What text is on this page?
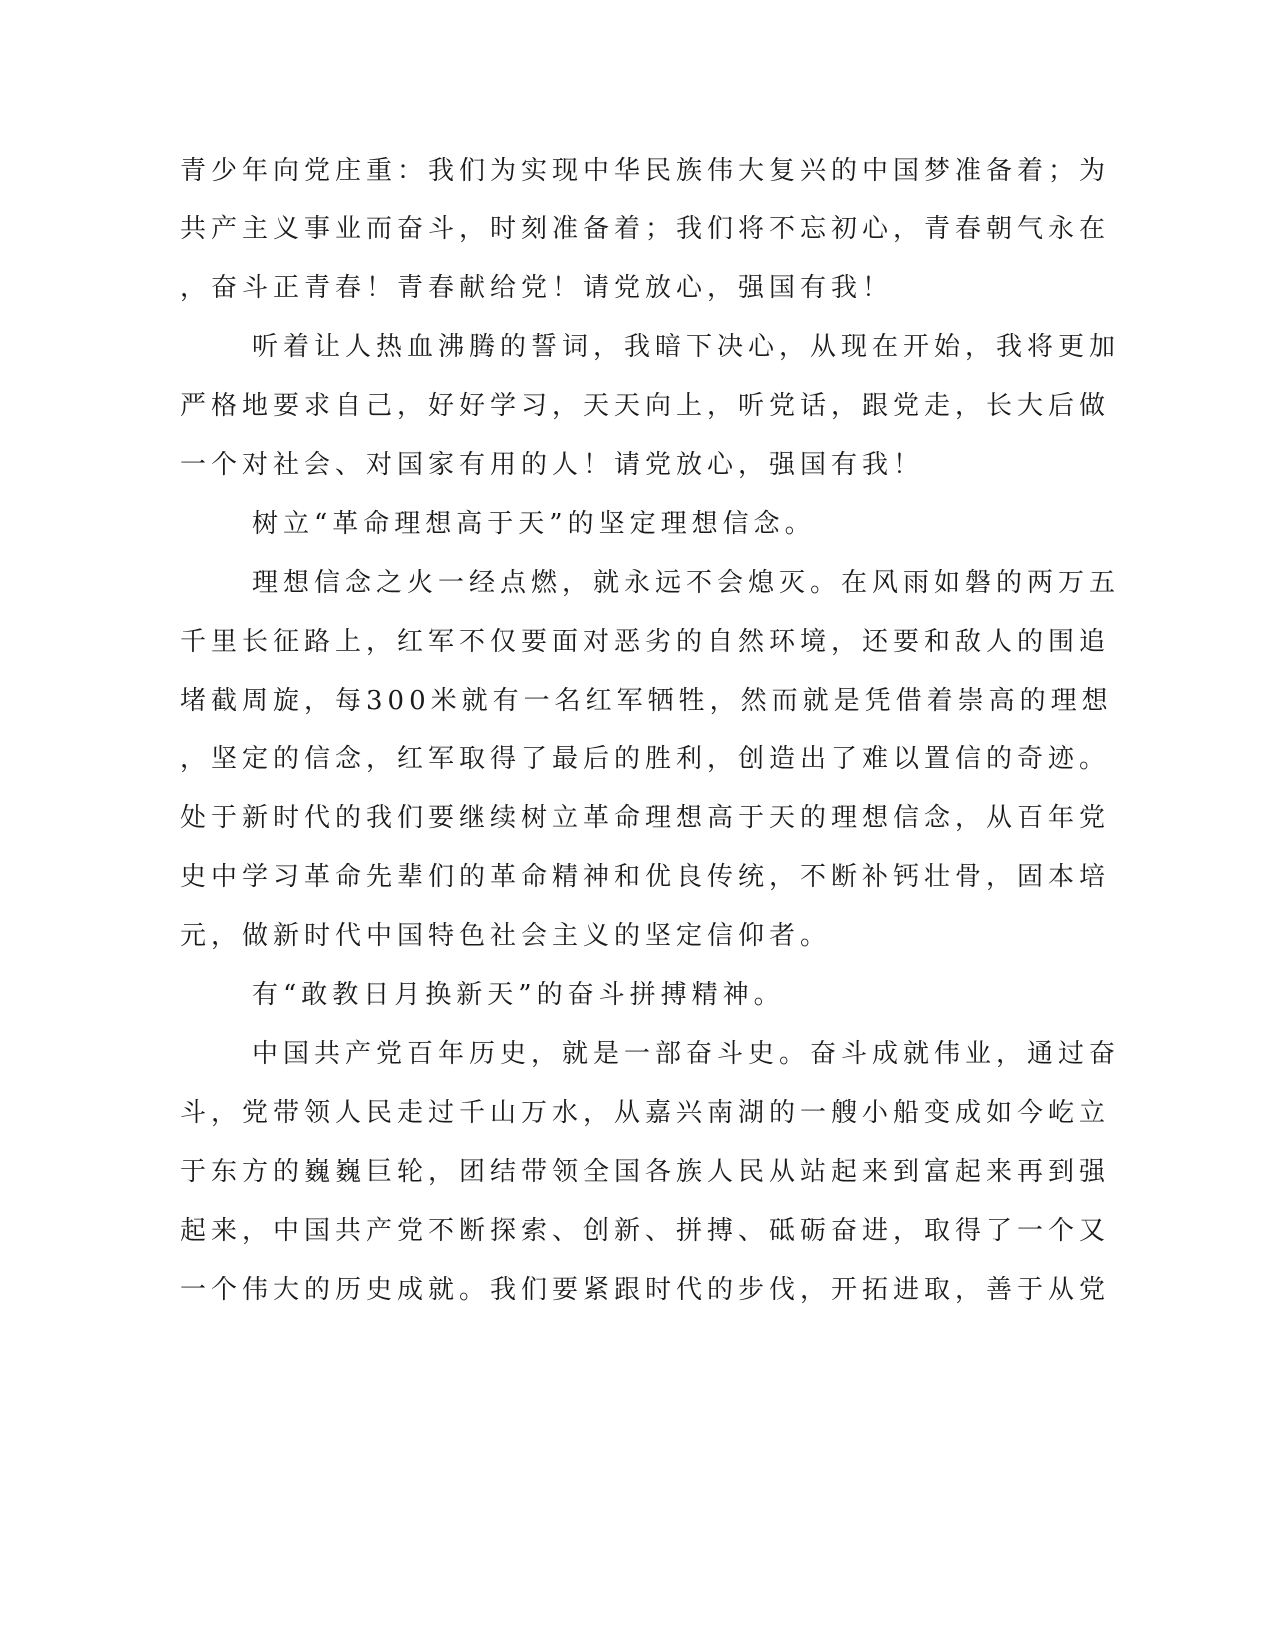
青少年向党庄重：我们为实现中华民族伟大复兴的中国梦准备着；为
共产主义事业而奋斗，时刻准备着；我们将不忘初心，青春朝气永在
，奋斗正青春！青春献给党！请党放心，强国有我！
听着让人热血沸腾的誓词，我暗下决心，从现在开始，我将更加
严格地要求自己，好好学习，天天向上，听党话，跟党走，长大后做
一个对社会、对国家有用的人！请党放心，强国有我！
树立“革命理想高于天”的坚定理想信念。
理想信念之火一经点燃，就永远不会熄灭。在风雨如磐的两万五
千里长征路上，红军不仅要面对恶劣的自然环境，还要和敌人的围追
堵截周旋，每300米就有一名红军牺牲，然而就是凭借着崇高的理想
，坚定的信念，红军取得了最后的胜利，创造出了难以置信的奇迹。
处于新时代的我们要继续树立革命理想高于天的理想信念，从百年党
史中学习革命先辈们的革命精神和优良传统，不断补钙壮骨，固本培
元，做新时代中国特色社会主义的坚定信仰者。
有“敢教日月换新天”的奋斗拼搏精神。
中国共产党百年历史，就是一部奋斗史。奋斗成就伟业，通过奋
斗，党带领人民走过千山万水，从嘉兴南湖的一艘小船变成如今屹立
于东方的巍巍巨轮，团结带领全国各族人民从站起来到富起来再到强
起来，中国共产党不断探索、创新、拼搏、砥砺奋进，取得了一个又
一个伟大的历史成就。我们要紧跟时代的步伐，开拓进取，善于从党
